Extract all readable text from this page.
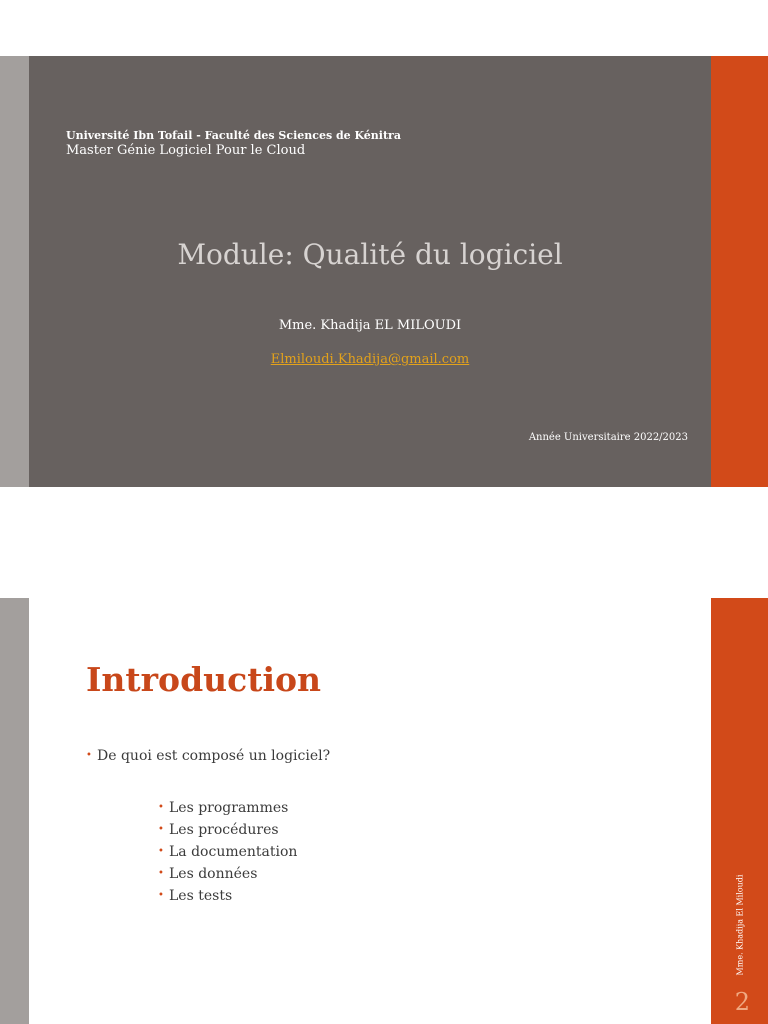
Université Ibn Tofail - Faculté des Sciences de Kénitra
Master Génie Logiciel Pour le Cloud
Module: Qualité du logiciel
Mme. Khadija EL MILOUDI
Elmiloudi.Khadija@gmail.com
Année Universitaire 2022/2023
Introduction
• De quoi est composé un logiciel?
• Les programmes
• Les procédures
• La documentation
• Les données
• Les tests	Mme. Khadija El Miloudi
2
